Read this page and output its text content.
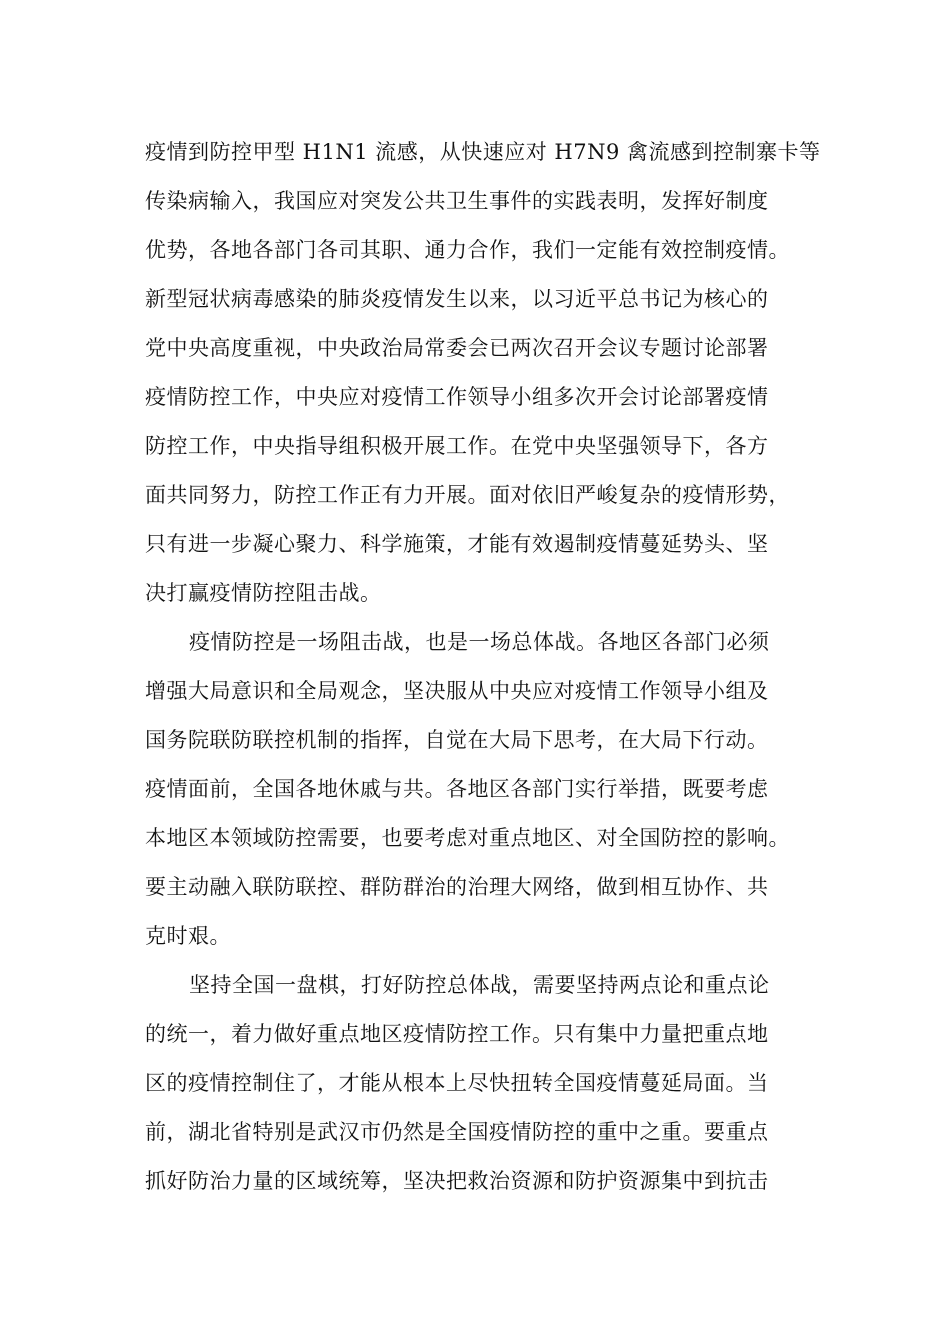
疫情到防控甲型 H1N1 流感，从快速应对 H7N9 禽流感到控制寨卡等
传染病输入，我国应对突发公共卫生事件的实践表明，发挥好制度
优势，各地各部门各司其职、通力合作，我们一定能有效控制疫情。
新型冠状病毒感染的肺炎疫情发生以来，以习近平总书记为核心的
党中央高度重视，中央政治局常委会已两次召开会议专题讨论部署
疫情防控工作，中央应对疫情工作领导小组多次开会讨论部署疫情
防控工作，中央指导组积极开展工作。在党中央坚强领导下，各方
面共同努力，防控工作正有力开展。面对依旧严峻复杂的疫情形势，
只有进一步凝心聚力、科学施策，才能有效遏制疫情蔓延势头、坚
决打赢疫情防控阻击战。
疫情防控是一场阻击战，也是一场总体战。各地区各部门必须
增强大局意识和全局观念，坚决服从中央应对疫情工作领导小组及
国务院联防联控机制的指挥，自觉在大局下思考，在大局下行动。
疫情面前，全国各地休戚与共。各地区各部门实行举措，既要考虑
本地区本领域防控需要，也要考虑对重点地区、对全国防控的影响。
要主动融入联防联控、群防群治的治理大网络，做到相互协作、共
克时艰。
坚持全国一盘棋，打好防控总体战，需要坚持两点论和重点论
的统一，着力做好重点地区疫情防控工作。只有集中力量把重点地
区的疫情控制住了，才能从根本上尽快扭转全国疫情蔓延局面。当
前，湖北省特别是武汉市仍然是全国疫情防控的重中之重。要重点
抓好防治力量的区域统筹，坚决把救治资源和防护资源集中到抗击
